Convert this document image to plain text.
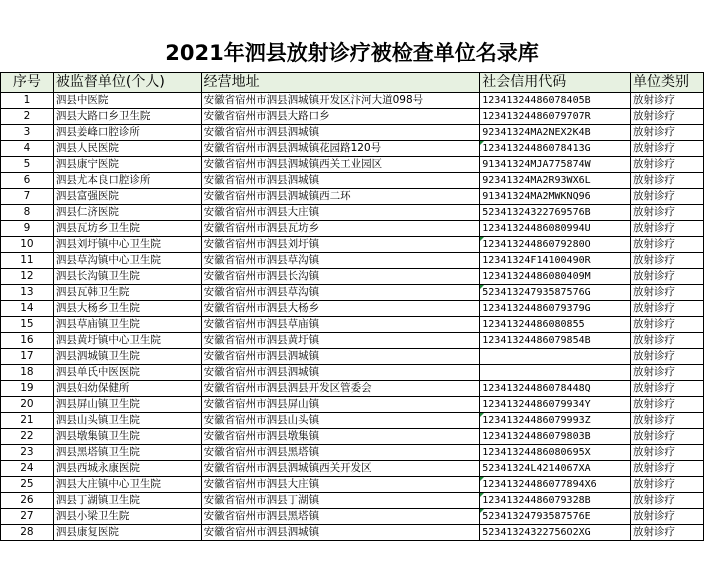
2021年泗县放射诊疗被检查单位名录库
序号	被监督单位(个人)	经营地址	社会信用代码	单位类别
1	泗县中医院	安徽省宿州市泗县泗城镇开发区汴河大道098号	12341324486078405B	放射诊疗
2	泗县大路口乡卫生院	安徽省宿州市泗县大路口乡	12341324486079707R	放射诊疗
3	泗县姜峰口腔诊所	安徽省宿州市泗县泗城镇	92341324MA2NEX2K4B	放射诊疗
4	泗县人民医院	安徽省宿州市泗县泗城镇花园路120号	12341324486078413G	放射诊疗
5	泗县康宁医院	安徽省宿州市泗县泗城镇西关工业园区	91341324MJA775874W	放射诊疗
6	泗县尤本良口腔诊所	安徽省宿州市泗县泗城镇	92341324MA2R93WX6L	放射诊疗
7	泗县富强医院	安徽省宿州市泗县泗城镇西二环	91341324MA2MWKNQ96	放射诊疗
8	泗县仁济医院	安徽省宿州市泗县大庄镇	52341324322769576B	放射诊疗
9	泗县瓦坊乡卫生院	安徽省宿州市泗县瓦坊乡	12341324486080994U	放射诊疗
10	泗县刘圩镇中心卫生院	安徽省宿州市泗县刘圩镇	12341324486079280O	放射诊疗
11	泗县草沟镇中心卫生院	安徽省宿州市泗县草沟镇	12341324F14100490R	放射诊疗
12	泗县长沟镇卫生院	安徽省宿州市泗县长沟镇	12341324486080409M	放射诊疗
13	泗县瓦韩卫生院	安徽省宿州市泗县草沟镇	52341324793587576G	放射诊疗
14	泗县大杨乡卫生院	安徽省宿州市泗县大杨乡	12341324486079379G	放射诊疗
15	泗县草庙镇卫生院	安徽省宿州市泗县草庙镇	12341324486080855	放射诊疗
16	泗县黄圩镇中心卫生院	安徽省宿州市泗县黄圩镇	12341324486079854B	放射诊疗
17	泗县泗城镇卫生院	安徽省宿州市泗县泗城镇		放射诊疗
18	泗县单氏中医医院	安徽省宿州市泗县泗城镇		放射诊疗
19	泗县妇幼保健所	安徽省宿州市泗县泗县开发区管委会	12341324486078448Q	放射诊疗
20	泗县屏山镇卫生院	安徽省宿州市泗县屏山镇	12341324486079934Y	放射诊疗
21	泗县山头镇卫生院	安徽省宿州市泗县山头镇	12341324486079993Z	放射诊疗
22	泗县墩集镇卫生院	安徽省宿州市泗县墩集镇	12341324486079803B	放射诊疗
23	泗县黑塔镇卫生院	安徽省宿州市泗县黑塔镇	12341324486080695X	放射诊疗
24	泗县西城永康医院	安徽省宿州市泗县泗城镇西关开发区	52341324L4214067XA	放射诊疗
25	泗县大庄镇中心卫生院	安徽省宿州市泗县大庄镇	12341324486077894X6	放射诊疗
26	泗县丁湖镇卫生院	安徽省宿州市泗县丁湖镇	12341324486079328B	放射诊疗
27	泗县小梁卫生院	安徽省宿州市泗县黑塔镇	52341324793587576E	放射诊疗
28	泗县康复医院	安徽省宿州市泗县泗城镇	52341324322756O2XG	放射诊疗
